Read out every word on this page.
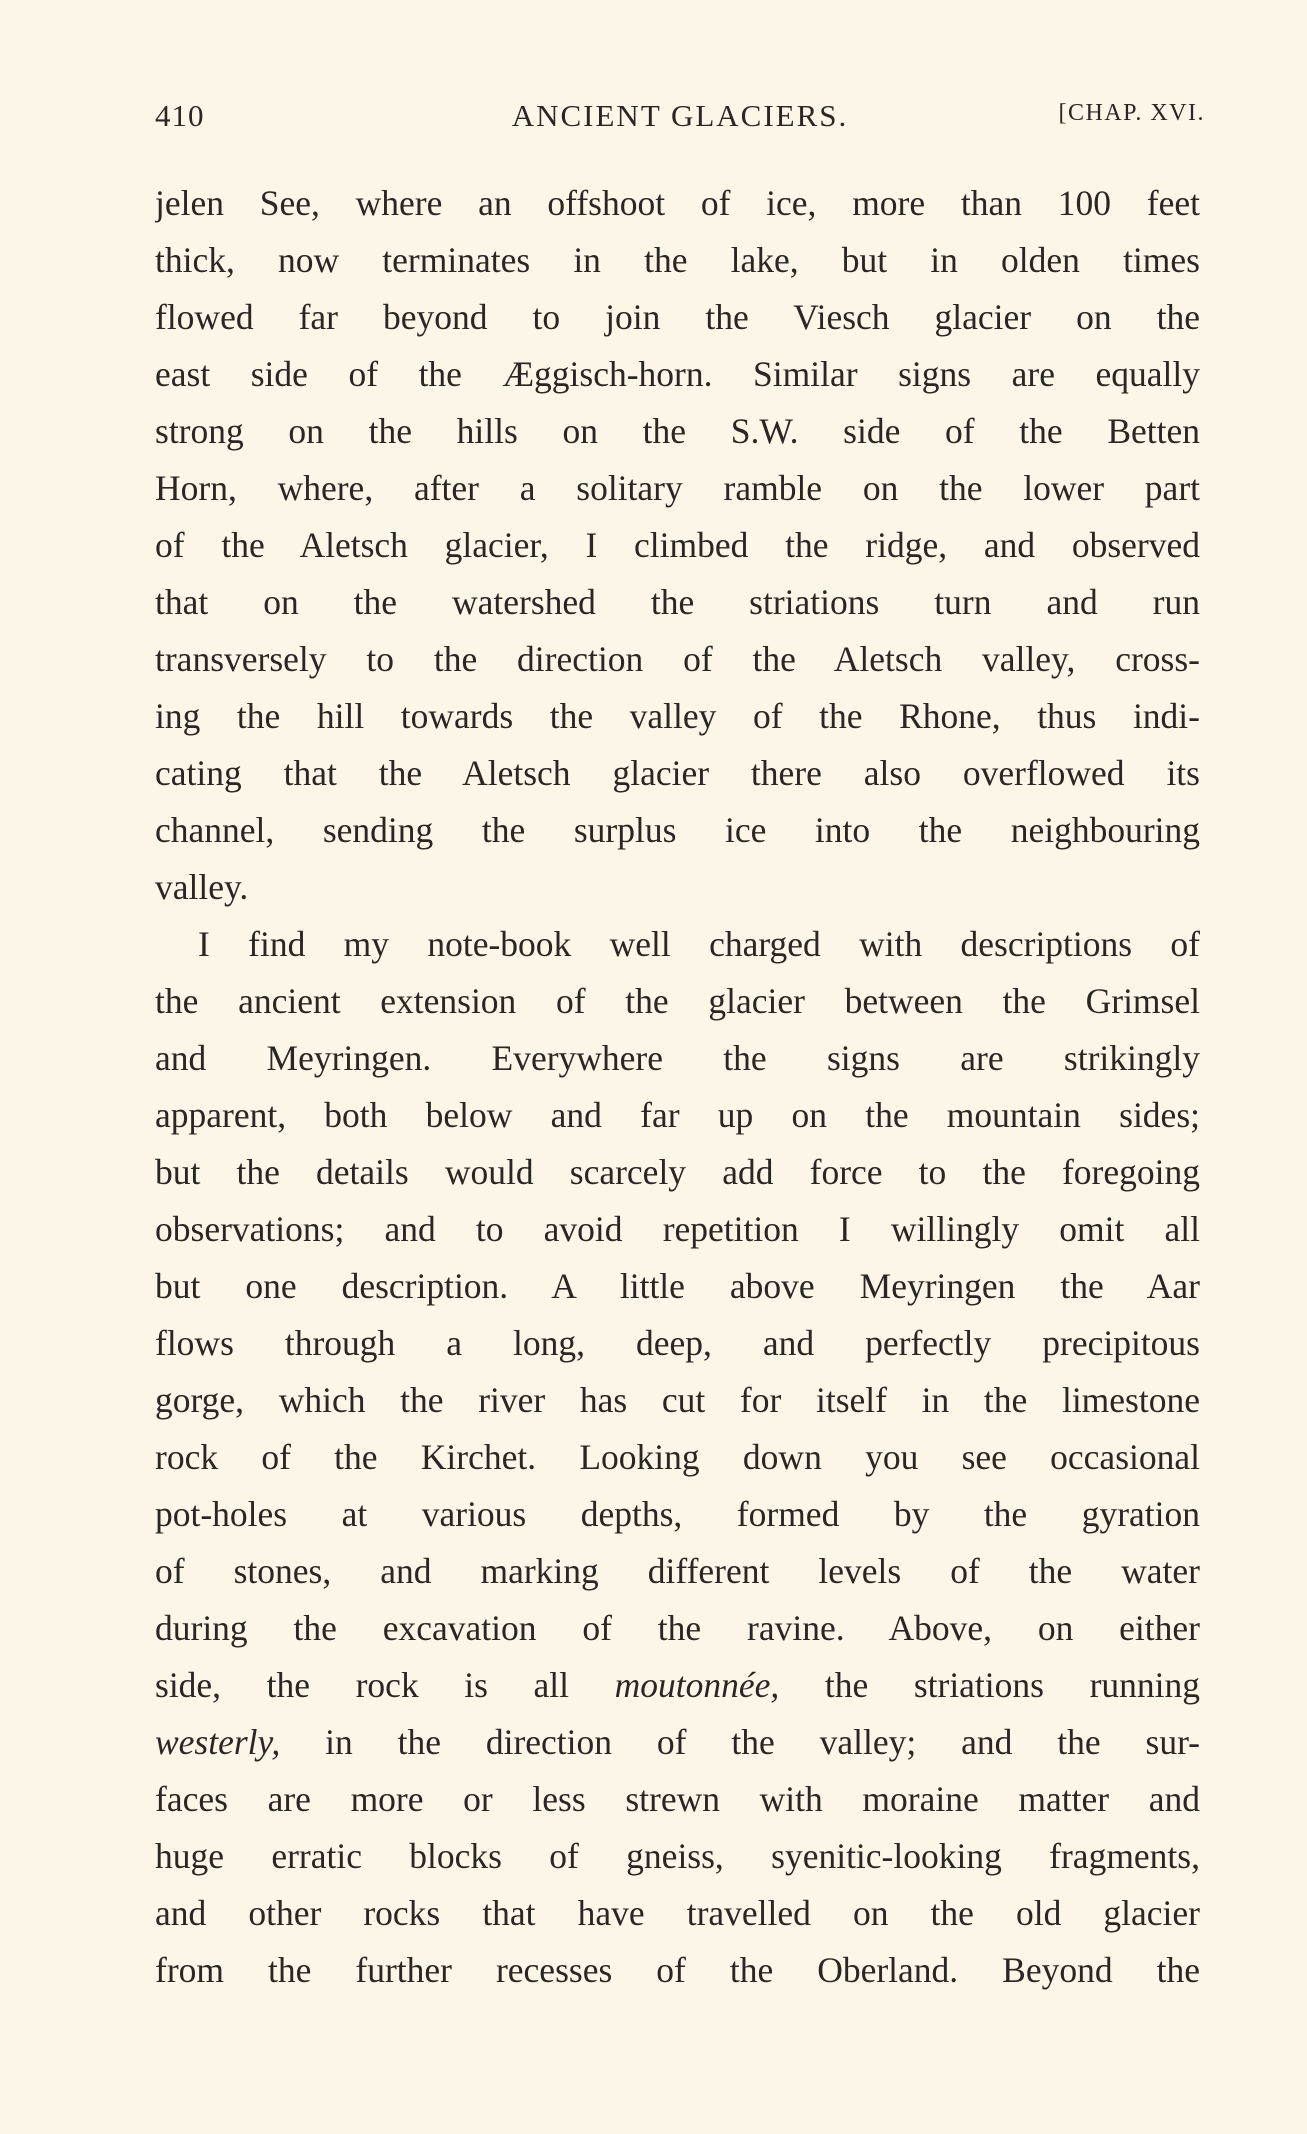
410	ANCIENT GLACIERS.	[CHAP. XVI.
jelen See, where an offshoot of ice, more than 100 feet
thick, now terminates in the lake, but in olden times
flowed far beyond to join the Viesch glacier on the
east side of the Æggisch-horn. Similar signs are equally
strong on the hills on the S.W. side of the Betten
Horn, where, after a solitary ramble on the lower part
of the Aletsch glacier, I climbed the ridge, and observed
that on the watershed the striations turn and run
transversely to the direction of the Aletsch valley, cross-
ing the hill towards the valley of the Rhone, thus indi-
cating that the Aletsch glacier there also overflowed its
channel, sending the surplus ice into the neighbouring
valley.
I find my note-book well charged with descriptions of
the ancient extension of the glacier between the Grimsel
and Meyringen. Everywhere the signs are strikingly
apparent, both below and far up on the mountain sides;
but the details would scarcely add force to the foregoing
observations; and to avoid repetition I willingly omit all
but one description. A little above Meyringen the Aar
flows through a long, deep, and perfectly precipitous
gorge, which the river has cut for itself in the limestone
rock of the Kirchet. Looking down you see occasional
pot-holes at various depths, formed by the gyration
of stones, and marking different levels of the water
during the excavation of the ravine. Above, on either
side, the rock is all moutonnée, the striations running
westerly, in the direction of the valley; and the sur-
faces are more or less strewn with moraine matter and
huge erratic blocks of gneiss, syenitic-looking fragments,
and other rocks that have travelled on the old glacier
from the further recesses of the Oberland. Beyond the
